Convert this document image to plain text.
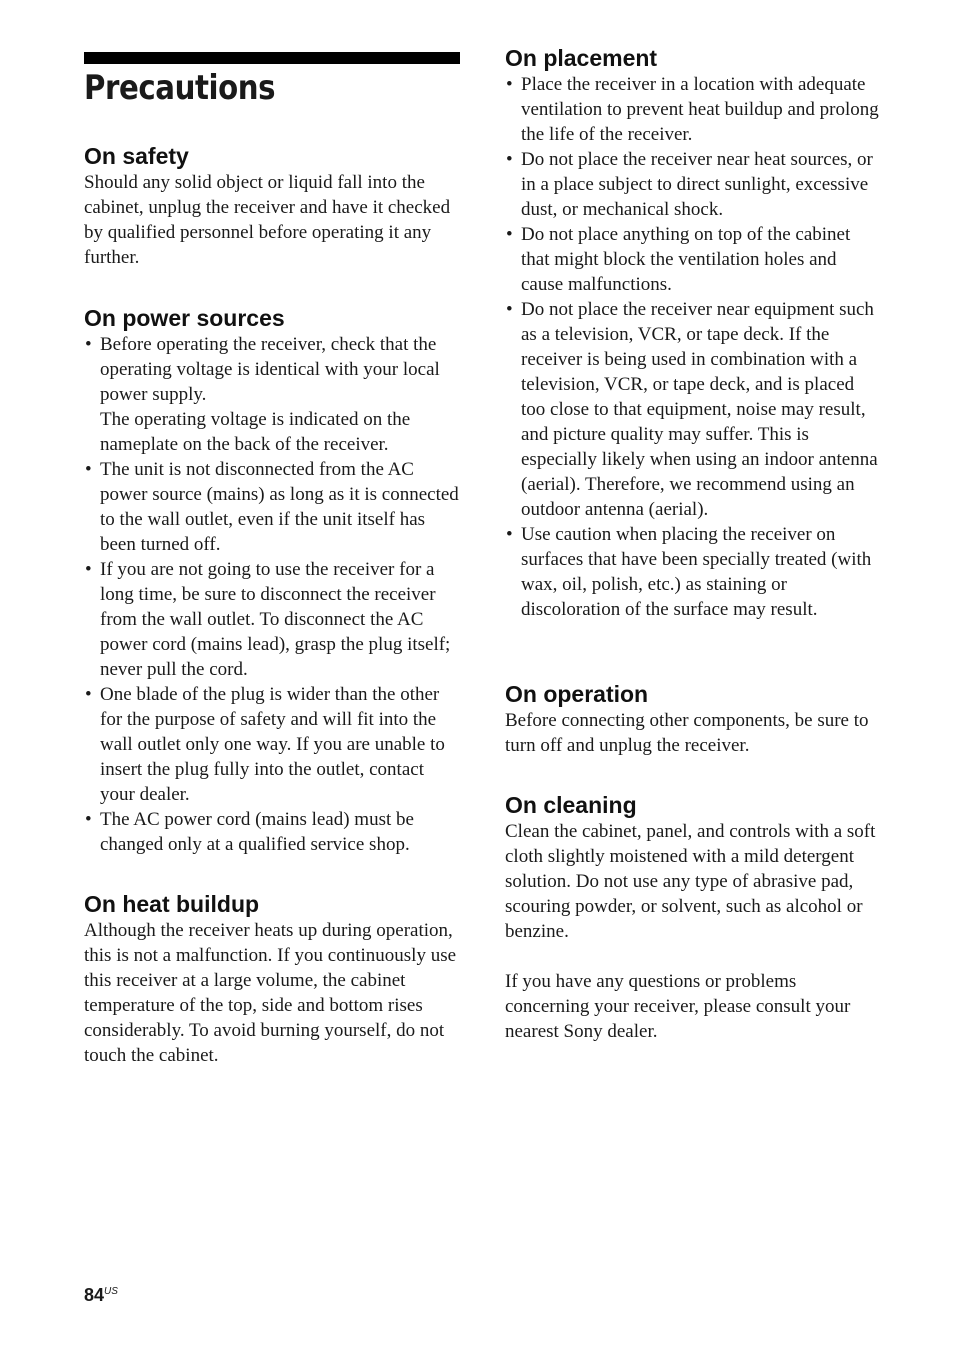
Precautions
On safety

Should any solid object or liquid fall into the cabinet, unplug the receiver and have it checked by qualified personnel before operating it any further.

On power sources
• Before operating the receiver, check that the operating voltage is identical with your local power supply.
The operating voltage is indicated on the nameplate on the back of the receiver.
• The unit is not disconnected from the AC power source (mains) as long as it is connected to the wall outlet, even if the unit itself has been turned off.
• If you are not going to use the receiver for a long time, be sure to disconnect the receiver from the wall outlet. To disconnect the AC power cord (mains lead), grasp the plug itself; never pull the cord.
• One blade of the plug is wider than the other for the purpose of safety and will fit into the wall outlet only one way. If you are unable to insert the plug fully into the outlet, contact your dealer.
• The AC power cord (mains lead) must be changed only at a qualified service shop.
On heat buildup

Although the receiver heats up during operation, this is not a malfunction. If you continuously use this receiver at a large volume, the cabinet temperature of the top, side and bottom rises considerably. To avoid burning yourself, do not touch the cabinet.

On placement
• Place the receiver in a location with adequate ventilation to prevent heat buildup and prolong the life of the receiver.
• Do not place the receiver near heat sources, or in a place subject to direct sunlight, excessive dust, or mechanical shock.
• Do not place anything on top of the cabinet that might block the ventilation holes and cause malfunctions.
• Do not place the receiver near equipment such as a television, VCR, or tape deck. If the receiver is being used in combination with a television, VCR, or tape deck, and is placed too close to that equipment, noise may result, and picture quality may suffer. This is especially likely when using an indoor antenna (aerial). Therefore, we recommend using an outdoor antenna (aerial).
• Use caution when placing the receiver on surfaces that have been specially treated (with wax, oil, polish, etc.) as staining or discoloration of the surface may result.
On operation

Before connecting other components, be sure to turn off and unplug the receiver.

On cleaning

Clean the cabinet, panel, and controls with a soft cloth slightly moistened with a mild detergent solution. Do not use any type of abrasive pad, scouring powder, or solvent, such as alcohol or benzine.

If you have any questions or problems concerning your receiver, please consult your nearest Sony dealer.

$84^{US}$
